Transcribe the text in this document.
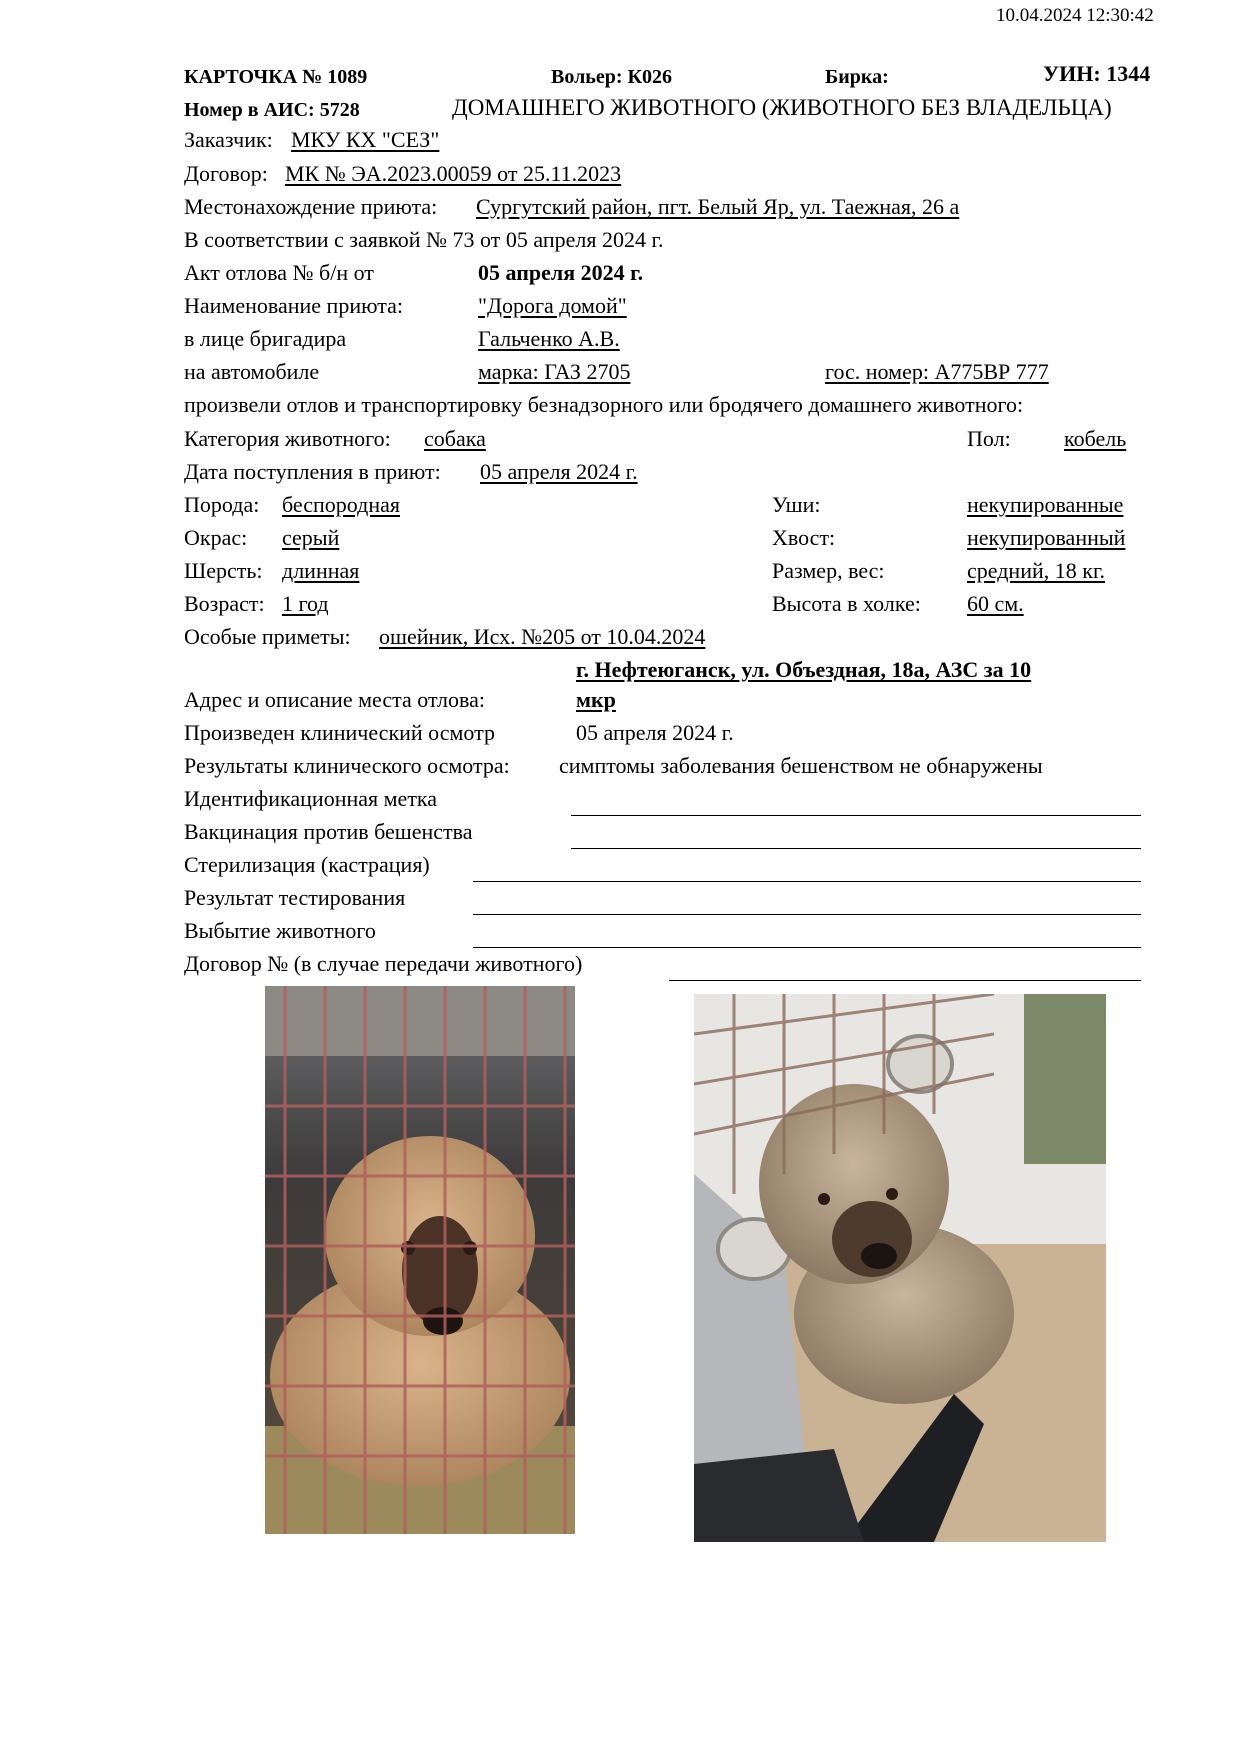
10.04.2024 12:30:42
КАРТОЧКА № 1089	Вольер: К026	Бирка:	УИН: 1344
Номер в АИС: 5728	ДОМАШНЕГО ЖИВОТНОГО (ЖИВОТНОГО БЕЗ ВЛАДЕЛЬЦА)
Заказчик: МКУ КХ "СЕЗ"
Договор: МК № ЭА.2023.00059 от 25.11.2023
Местонахождение приюта: Сургутский район, пгт. Белый Яр, ул. Таежная, 26 а
В соответствии с заявкой № 73 от 05 апреля 2024 г.
Акт отлова № б/н от	05 апреля 2024 г.
Наименование приюта:	"Дорога домой"
в лице бригадира	Гальченко А.В.
на автомобиле	марка: ГАЗ 2705	гос. номер: А775ВР 777
произвели отлов и транспортировку безнадзорного или бродячего домашнего животного:
Категория животного: собака	Пол: кобель
Дата поступления в приют: 05 апреля 2024 г.
Порода: беспородная	Уши:	некупированные
Окрас: серый	Хвост:	некупированный
Шерсть: длинная	Размер, вес:	средний, 18 кг.
Возраст: 1 год	Высота в холке: 60 см.
Особые приметы: ошейник, Исх. №205 от 10.04.2024
г. Нефтеюганск, ул. Объездная, 18а, АЗС за 10
Адрес и описание места отлова:	мкр
Произведен клинический осмотр	05 апреля 2024 г.
Результаты клинического осмотра: симптомы заболевания бешенством не обнаружены
Идентификационная метка
Вакцинация против бешенства
Стерилизация (кастрация)
Результат тестирования
Выбытие животного
Договор № (в случае передачи животного)
